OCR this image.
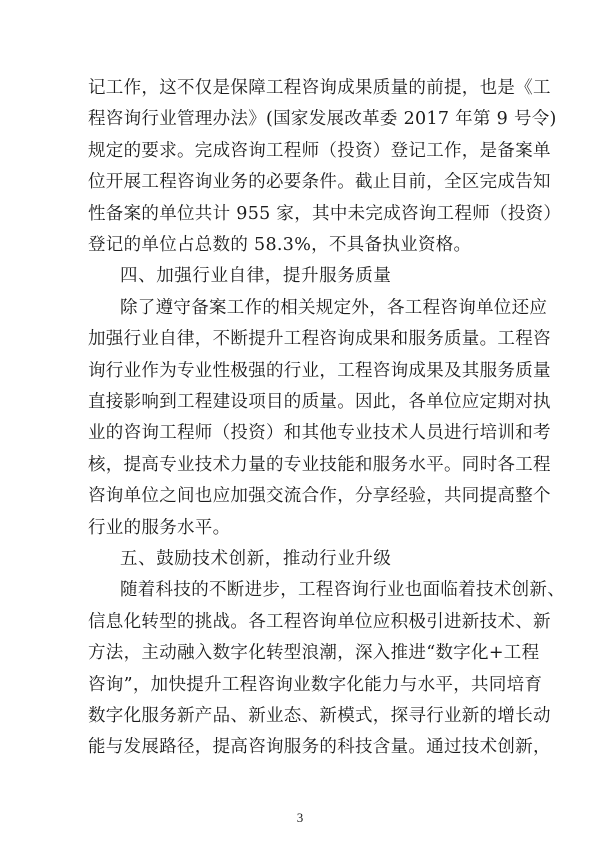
记工作，这不仅是保障工程咨询成果质量的前提，也是《工
程咨询行业管理办法》(国家发展改革委 2017 年第 9 号令)
规定的要求。完成咨询工程师（投资）登记工作，是备案单
位开展工程咨询业务的必要条件。截止目前，全区完成告知
性备案的单位共计 955 家，其中未完成咨询工程师（投资）
登记的单位占总数的 58.3%，不具备执业资格。
四、加强行业自律，提升服务质量
除了遵守备案工作的相关规定外，各工程咨询单位还应
加强行业自律，不断提升工程咨询成果和服务质量。工程咨
询行业作为专业性极强的行业，工程咨询成果及其服务质量
直接影响到工程建设项目的质量。因此，各单位应定期对执
业的咨询工程师（投资）和其他专业技术人员进行培训和考
核，提高专业技术力量的专业技能和服务水平。同时各工程
咨询单位之间也应加强交流合作，分享经验，共同提高整个
行业的服务水平。
五、鼓励技术创新，推动行业升级
随着科技的不断进步，工程咨询行业也面临着技术创新、
信息化转型的挑战。各工程咨询单位应积极引进新技术、新
方法，主动融入数字化转型浪潮，深入推进“数字化+工程
咨询”，加快提升工程咨询业数字化能力与水平，共同培育
数字化服务新产品、新业态、新模式，探寻行业新的增长动
能与发展路径，提高咨询服务的科技含量。通过技术创新，
3
